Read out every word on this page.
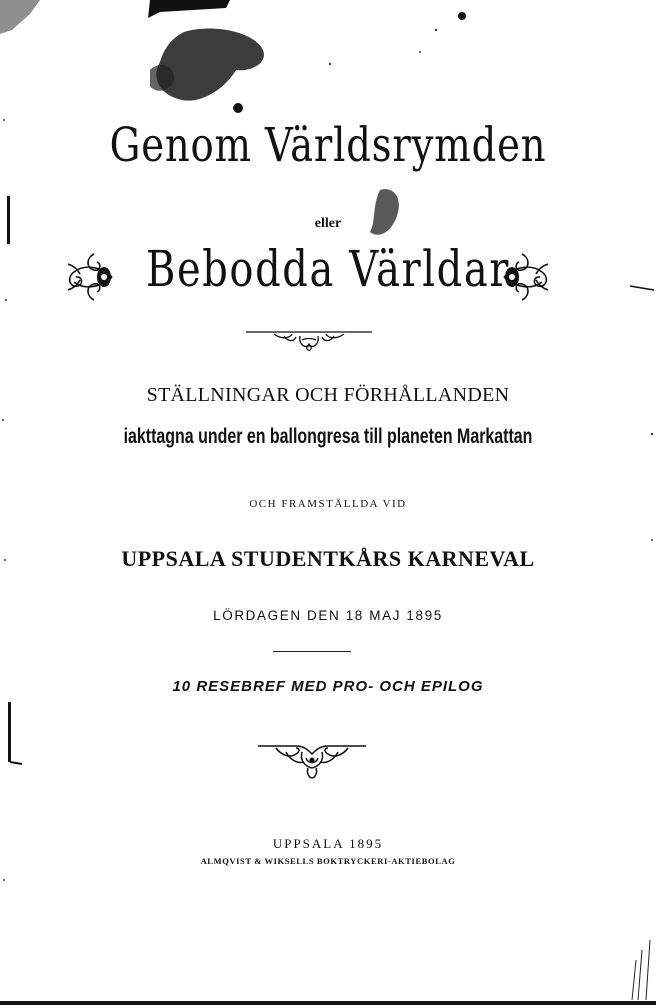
Genom Världsrymden
eller
Bebodda Världar
STÄLLNINGAR OCH FÖRHÅLLANDEN
iakttagna under en ballongresa till planeten Markattan
OCH FRAMSTÄLLDA VID
UPPSALA STUDENTKÅRS KARNEVAL
LÖRDAGEN DEN 18 MAJ 1895
10 RESEBREF MED PRO- OCH EPILOG
UPPSALA 1895
ALMQVIST & WIKSELLS BOKTRYCKERI-AKTIEBOLAG
